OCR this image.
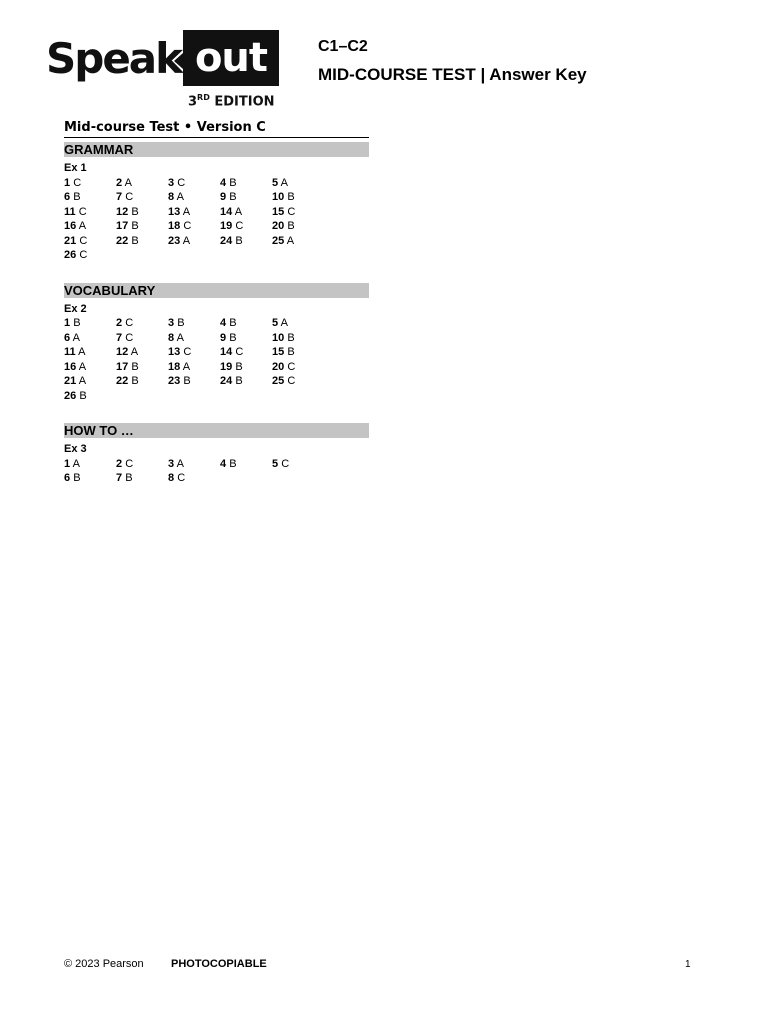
Speak out
3RD EDITION
C1–C2
MID-COURSE TEST | Answer Key
Mid-course Test • Version C
GRAMMAR
Ex 1
1 C	2 A	3 C	4 B	5 A
6 B	7 C	8 A	9 B	10 B
11 C	12 B	13 A	14 A	15 C
16 A	17 B	18 C	19 C	20 B
21 C	22 B	23 A	24 B	25 A
26 C
VOCABULARY
Ex 2
1 B	2 C	3 B	4 B	5 A
6 A	7 C	8 A	9 B	10 B
11 A	12 A	13 C	14 C	15 B
16 A	17 B	18 A	19 B	20 C
21 A	22 B	23 B	24 B	25 C
26 B
HOW TO …
Ex 3
1 A	2 C	3 A	4 B	5 C
6 B	7 B	8 C
© 2023 Pearson PHOTOCOPIABLE	1
